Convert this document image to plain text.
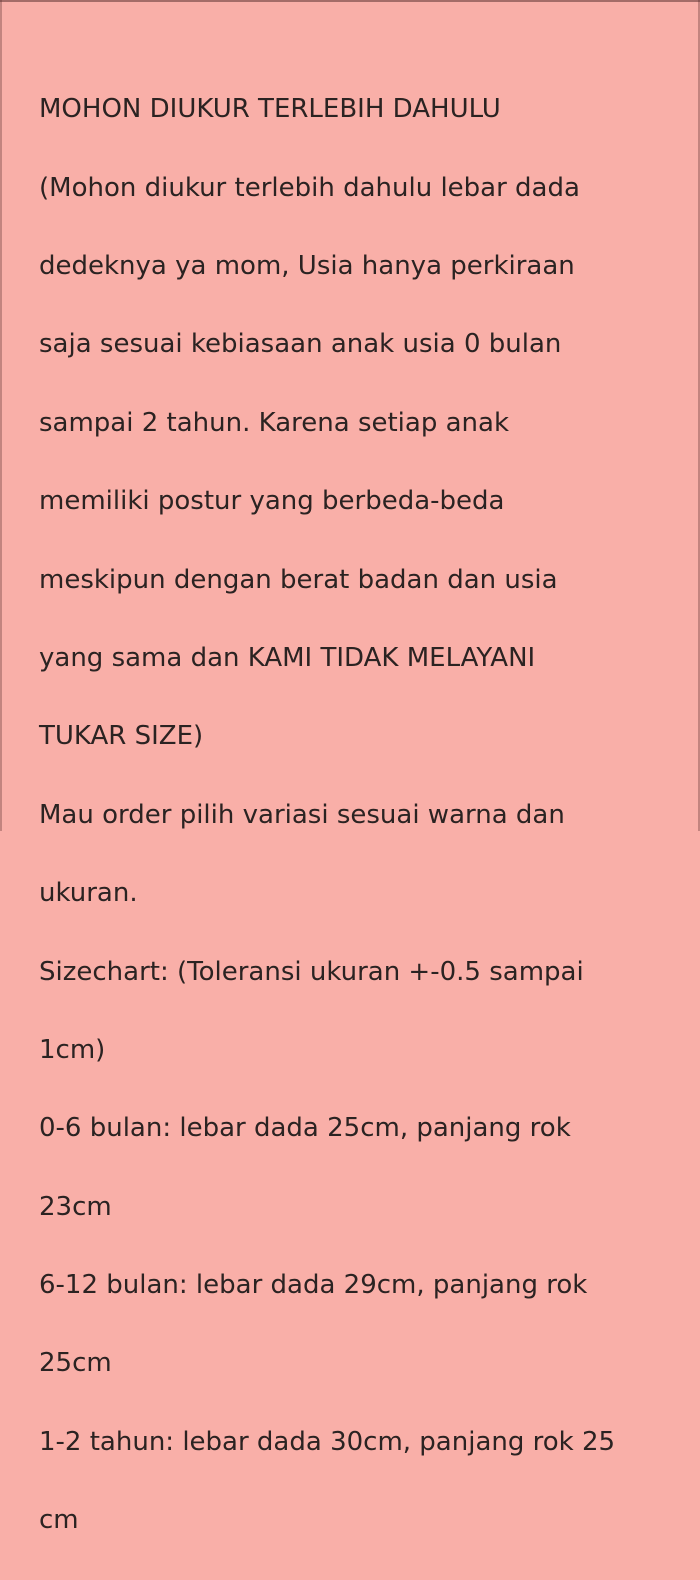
MOHON DIUKUR TERLEBIH DAHULU

(Mohon diukur terlebih dahulu lebar dada

dedeknya ya mom, Usia hanya perkiraan

saja sesuai kebiasaan anak usia 0 bulan

sampai 2 tahun. Karena setiap anak

memiliki postur yang berbeda-beda

meskipun dengan berat badan dan usia

yang sama dan KAMI TIDAK MELAYANI

TUKAR SIZE)

Mau order pilih variasi sesuai warna dan

ukuran.

Sizechart: (Toleransi ukuran +-0.5 sampai

1cm)

0-6 bulan: lebar dada 25cm, panjang rok

23cm

6-12 bulan: lebar dada 29cm, panjang rok

25cm

1-2 tahun: lebar dada 30cm, panjang rok 25

cm
